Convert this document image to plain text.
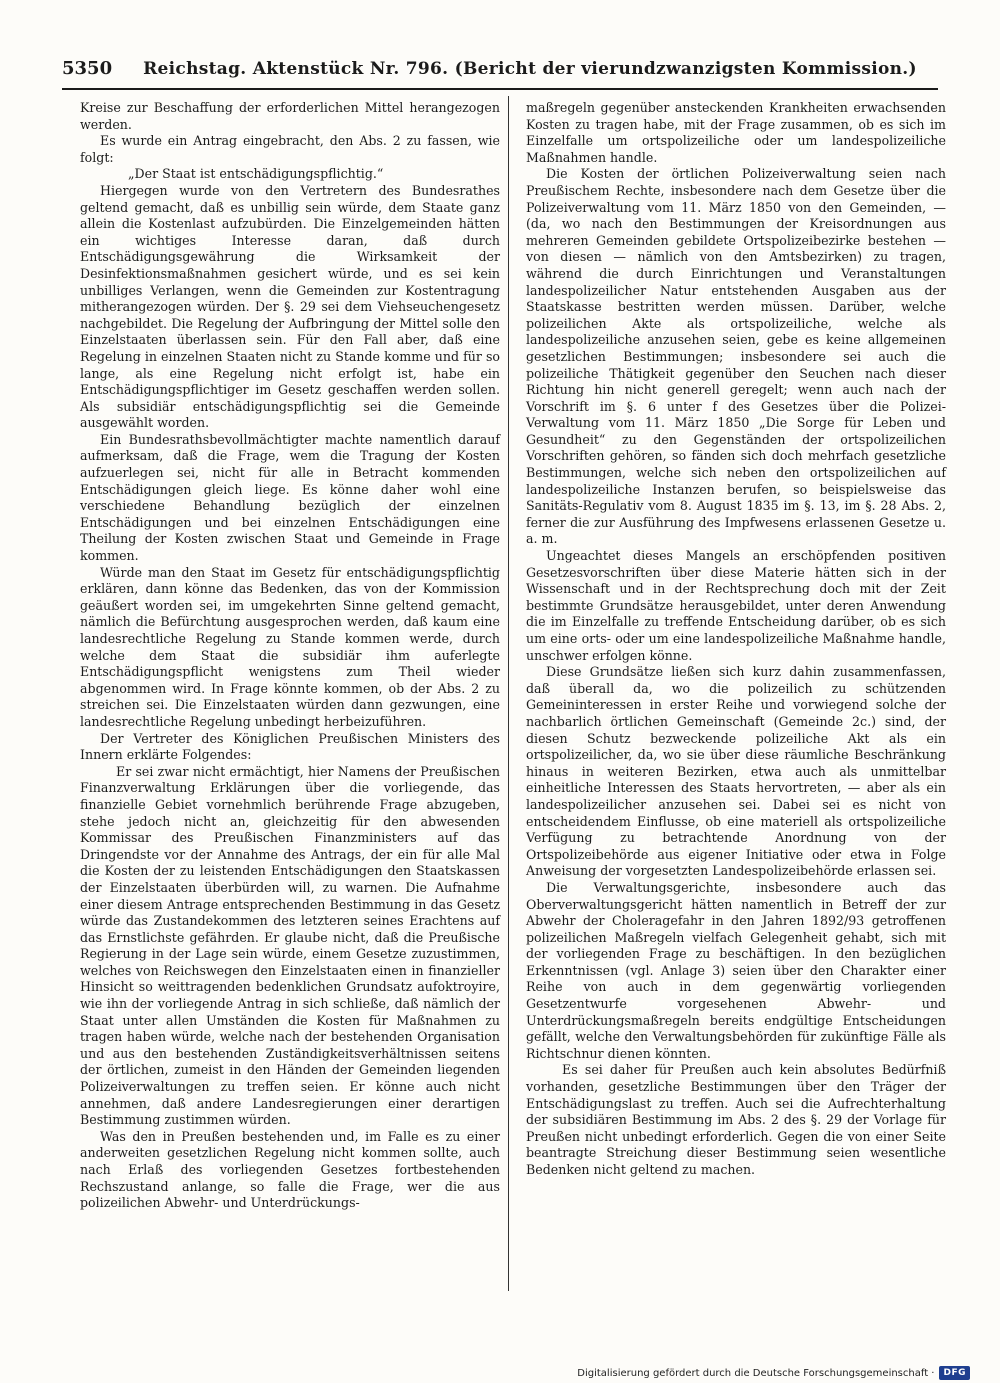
5350	Reichstag. Aktenstück Nr. 796. (Bericht der vierundzwanzigsten Kommission.)

Kreise zur Beschaffung der erforderlichen Mittel herangezogen werden.

Es wurde ein Antrag eingebracht, den Abs. 2 zu fassen, wie folgt:

„Der Staat ist entschädigungspflichtig.“

Hiergegen wurde von den Vertretern des Bundesrathes geltend gemacht, daß es unbillig sein würde, dem Staate ganz allein die Kostenlast aufzubürden. Die Einzelgemeinden hätten ein wichtiges Interesse daran, daß durch Entschädigungsgewährung die Wirksamkeit der Desinfektionsmaßnahmen gesichert würde, und es sei kein unbilliges Verlangen, wenn die Gemeinden zur Kostentragung mitherangezogen würden. Der §. 29 sei dem Viehseuchengesetz nachgebildet. Die Regelung der Aufbringung der Mittel solle den Einzelstaaten überlassen sein. Für den Fall aber, daß eine Regelung in einzelnen Staaten nicht zu Stande komme und für so lange, als eine Regelung nicht erfolgt ist, habe ein Entschädigungspflichtiger im Gesetz geschaffen werden sollen. Als subsidiär entschädigungspflichtig sei die Gemeinde ausgewählt worden.

Ein Bundesrathsbevollmächtigter machte namentlich darauf aufmerksam, daß die Frage, wem die Tragung der Kosten aufzuerlegen sei, nicht für alle in Betracht kommenden Entschädigungen gleich liege. Es könne daher wohl eine verschiedene Behandlung bezüglich der einzelnen Entschädigungen und bei einzelnen Entschädigungen eine Theilung der Kosten zwischen Staat und Gemeinde in Frage kommen.

Würde man den Staat im Gesetz für entschädigungspflichtig erklären, dann könne das Bedenken, das von der Kommission geäußert worden sei, im umgekehrten Sinne geltend gemacht, nämlich die Befürchtung ausgesprochen werden, daß kaum eine landesrechtliche Regelung zu Stande kommen werde, durch welche dem Staat die subsidiär ihm auferlegte Entschädigungspflicht wenigstens zum Theil wieder abgenommen wird. In Frage könnte kommen, ob der Abs. 2 zu streichen sei. Die Einzelstaaten würden dann gezwungen, eine landesrechtliche Regelung unbedingt herbeizuführen.

Der Vertreter des Königlichen Preußischen Ministers des Innern erklärte Folgendes:

Er sei zwar nicht ermächtigt, hier Namens der Preußischen Finanzverwaltung Erklärungen über die vorliegende, das finanzielle Gebiet vornehmlich berührende Frage abzugeben, stehe jedoch nicht an, gleichzeitig für den abwesenden Kommissar des Preußischen Finanzministers auf das Dringendste vor der Annahme des Antrags, der ein für alle Mal die Kosten der zu leistenden Entschädigungen den Staatskassen der Einzelstaaten überbürden will, zu warnen. Die Aufnahme einer diesem Antrage entsprechenden Bestimmung in das Gesetz würde das Zustandekommen des letzteren seines Erachtens auf das Ernstlichste gefährden. Er glaube nicht, daß die Preußische Regierung in der Lage sein würde, einem Gesetze zuzustimmen, welches von Reichswegen den Einzelstaaten einen in finanzieller Hinsicht so weittragenden bedenklichen Grundsatz aufoktroyire, wie ihn der vorliegende Antrag in sich schließe, daß nämlich der Staat unter allen Umständen die Kosten für Maßnahmen zu tragen haben würde, welche nach der bestehenden Organisation und aus den bestehenden Zuständigkeitsverhältnissen seitens der örtlichen, zumeist in den Händen der Gemeinden liegenden Polizeiverwaltungen zu treffen seien. Er könne auch nicht annehmen, daß andere Landesregierungen einer derartigen Bestimmung zustimmen würden.

Was den in Preußen bestehenden und, im Falle es zu einer anderweiten gesetzlichen Regelung nicht kommen sollte, auch nach Erlaß des vorliegenden Gesetzes fortbestehenden Rechszustand anlange, so falle die Frage, wer die aus polizeilichen Abwehr- und Unterdrückungs-

maßregeln gegenüber ansteckenden Krankheiten erwachsenden Kosten zu tragen habe, mit der Frage zusammen, ob es sich im Einzelfalle um ortspolizeiliche oder um landespolizeiliche Maßnahmen handle.

Die Kosten der örtlichen Polizeiverwaltung seien nach Preußischem Rechte, insbesondere nach dem Gesetze über die Polizeiverwaltung vom 11. März 1850 von den Gemeinden, — (da, wo nach den Bestimmungen der Kreisordnungen aus mehreren Gemeinden gebildete Ortspolizeibezirke bestehen — von diesen — nämlich von den Amtsbezirken) zu tragen, während die durch Einrichtungen und Veranstaltungen landespolizeilicher Natur entstehenden Ausgaben aus der Staatskasse bestritten werden müssen. Darüber, welche polizeilichen Akte als ortspolizeiliche, welche als landespolizeiliche anzusehen seien, gebe es keine allgemeinen gesetzlichen Bestimmungen; insbesondere sei auch die polizeiliche Thätigkeit gegenüber den Seuchen nach dieser Richtung hin nicht generell geregelt; wenn auch nach der Vorschrift im §. 6 unter f des Gesetzes über die Polizei-Verwaltung vom 11. März 1850 „Die Sorge für Leben und Gesundheit“ zu den Gegenständen der ortspolizeilichen Vorschriften gehören, so fänden sich doch mehrfach gesetzliche Bestimmungen, welche sich neben den ortspolizeilichen auf landespolizeiliche Instanzen berufen, so beispielsweise das Sanitäts-Regulativ vom 8. August 1835 im §. 13, im §. 28 Abs. 2, ferner die zur Ausführung des Impfwesens erlassenen Gesetze u. a. m.

Ungeachtet dieses Mangels an erschöpfenden positiven Gesetzesvorschriften über diese Materie hätten sich in der Wissenschaft und in der Rechtsprechung doch mit der Zeit bestimmte Grundsätze herausgebildet, unter deren Anwendung die im Einzelfalle zu treffende Entscheidung darüber, ob es sich um eine orts- oder um eine landespolizeiliche Maßnahme handle, unschwer erfolgen könne.

Diese Grundsätze ließen sich kurz dahin zusammenfassen, daß überall da, wo die polizeilich zu schützenden Gemeininteressen in erster Reihe und vorwiegend solche der nachbarlich örtlichen Gemeinschaft (Gemeinde 2c.) sind, der diesen Schutz bezweckende polizeiliche Akt als ein ortspolizeilicher, da, wo sie über diese räumliche Beschränkung hinaus in weiteren Bezirken, etwa auch als unmittelbar einheitliche Interessen des Staats hervortreten, — aber als ein landespolizeilicher anzusehen sei. Dabei sei es nicht von entscheidendem Einflusse, ob eine materiell als ortspolizeiliche Verfügung zu betrachtende Anordnung von der Ortspolizeibehörde aus eigener Initiative oder etwa in Folge Anweisung der vorgesetzten Landespolizeibehörde erlassen sei.

Die Verwaltungsgerichte, insbesondere auch das Oberverwaltungsgericht hätten namentlich in Betreff der zur Abwehr der Choleragefahr in den Jahren 1892/93 getroffenen polizeilichen Maßregeln vielfach Gelegenheit gehabt, sich mit der vorliegenden Frage zu beschäftigen. In den bezüglichen Erkenntnissen (vgl. Anlage 3) seien über den Charakter einer Reihe von auch in dem gegenwärtig vorliegenden Gesetzentwurfe vorgesehenen Abwehr- und Unterdrückungsmaßregeln bereits endgültige Entscheidungen gefällt, welche den Verwaltungsbehörden für zukünftige Fälle als Richtschnur dienen könnten.

Es sei daher für Preußen auch kein absolutes Bedürfniß vorhanden, gesetzliche Bestimmungen über den Träger der Entschädigungslast zu treffen. Auch sei die Aufrechterhaltung der subsidiären Bestimmung im Abs. 2 des §. 29 der Vorlage für Preußen nicht unbedingt erforderlich. Gegen die von einer Seite beantragte Streichung dieser Bestimmung seien wesentliche Bedenken nicht geltend zu machen.

Digitalisierung gefördert durch die Deutsche Forschungsgemeinschaft ·	DFG
